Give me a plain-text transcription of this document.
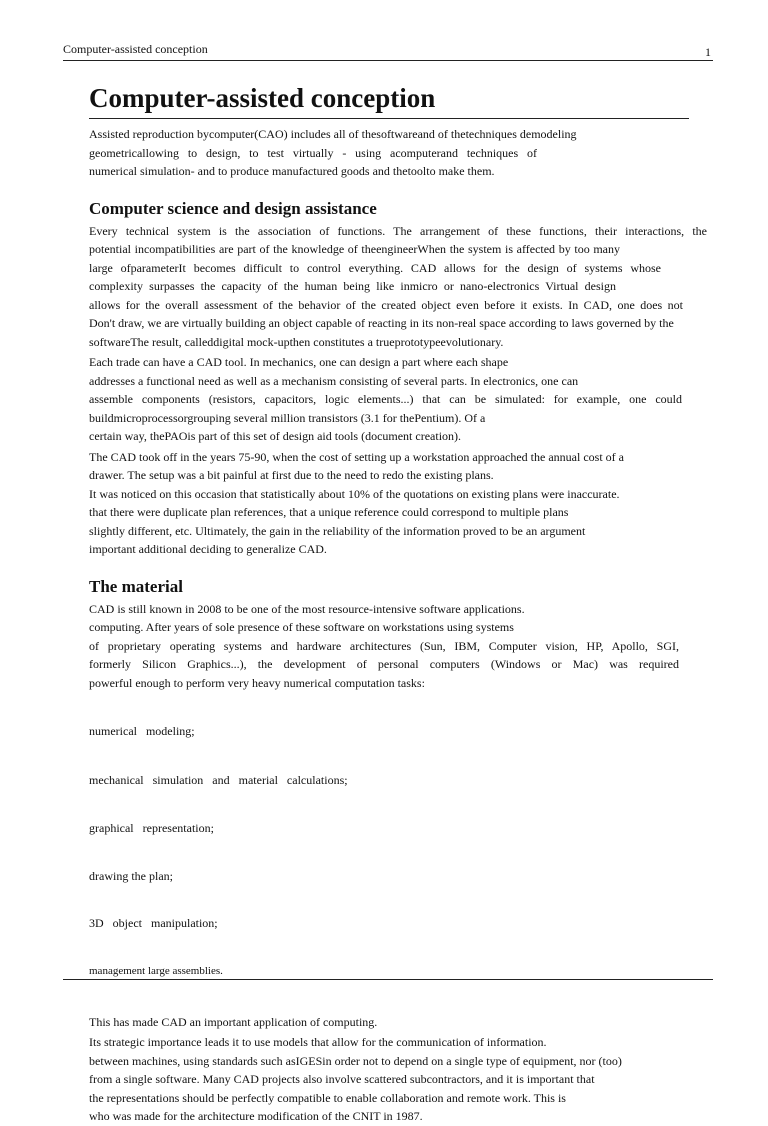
Computer-assisted conception	1
Computer-assisted conception
Assisted reproduction bycomputer(CAO) includes all of thesoftwareand of thetechniques demodeling
geometricallowing to design, to test virtually - using acomputerand techniques of
numerical simulation- and to produce manufactured goods and thetoolto make them.
Computer science and design assistance
Every technical system is the association of functions. The arrangement of these functions, their interactions, the
potential incompatibilities are part of the knowledge of theengineerWhen the system is affected by too many
large ofparameterIt becomes difficult to control everything. CAD allows for the design of systems whose
complexity surpasses the capacity of the human being like inmicro or nano-electronics Virtual design
allows for the overall assessment of the behavior of the created object even before it exists. In CAD, one does not
Don't draw, we are virtually building an object capable of reacting in its non-real space according to laws governed by the
softwareThe result, calleddigital mock-upthen constitutes a trueprototypeevolutionary.
Each trade can have a CAD tool. In mechanics, one can design a part where each shape
addresses a functional need as well as a mechanism consisting of several parts. In electronics, one can
assemble components (resistors, capacitors, logic elements...) that can be simulated: for example, one could
buildmicroprocessorgrouping several million transistors (3.1 for thePentium). Of a
certain way, thePAOis part of this set of design aid tools (document creation).
The CAD took off in the years 75-90, when the cost of setting up a workstation approached the annual cost of a
drawer. The setup was a bit painful at first due to the need to redo the existing plans.
It was noticed on this occasion that statistically about 10% of the quotations on existing plans were inaccurate.
that there were duplicate plan references, that a unique reference could correspond to multiple plans
slightly different, etc. Ultimately, the gain in the reliability of the information proved to be an argument
important additional deciding to generalize CAD.
The material
CAD is still known in 2008 to be one of the most resource-intensive software applications.
computing. After years of sole presence of these software on workstations using systems
of proprietary operating systems and hardware architectures (Sun, IBM, Computer vision, HP, Apollo, SGI,
formerly Silicon Graphics...), the development of personal computers (Windows or Mac) was required
powerful enough to perform very heavy numerical computation tasks:

numerical   modeling;

mechanical   simulation   and   material   calculations;

graphical   representation;

drawing the plan;

3D   object   manipulation;

management large assemblies.

This has made CAD an important application of computing.
Its strategic importance leads it to use models that allow for the communication of information.
between machines, using standards such asIGESin order not to depend on a single type of equipment, nor (too)
from a single software. Many CAD projects also involve scattered subcontractors, and it is important that
the representations should be perfectly compatible to enable collaboration and remote work. This is
who was made for the architecture modification of the CNIT in 1987.
